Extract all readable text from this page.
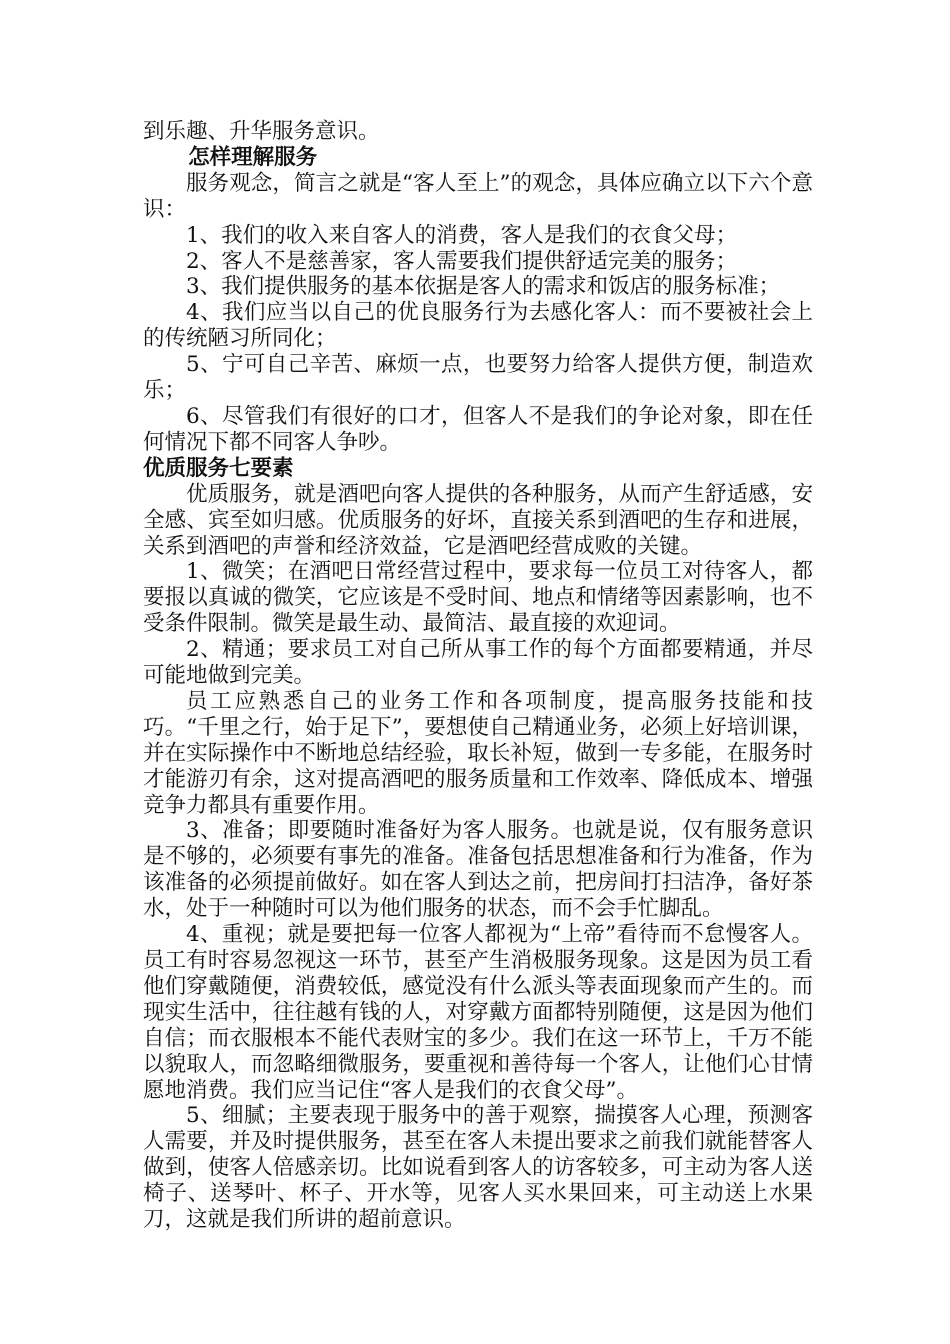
到乐趣、升华服务意识。

怎样理解服务

服务观念，简言之就是“客人至上”的观念，具体应确立以下六个意识：

1、我们的收入来自客人的消费，客人是我们的衣食父母；

2、客人不是慈善家，客人需要我们提供舒适完美的服务；

3、我们提供服务的基本依据是客人的需求和饭店的服务标准；

4、我们应当以自己的优良服务行为去感化客人：而不要被社会上的传统陋习所同化；

5、宁可自己辛苦、麻烦一点，也要努力给客人提供方便，制造欢乐；

6、尽管我们有很好的口才，但客人不是我们的争论对象，即在任何情况下都不同客人争吵。

优质服务七要素

优质服务，就是酒吧向客人提供的各种服务，从而产生舒适感，安全感、宾至如归感。优质服务的好坏，直接关系到酒吧的生存和进展，关系到酒吧的声誉和经济效益，它是酒吧经营成败的关键。

1、微笑；在酒吧日常经营过程中，要求每一位员工对待客人，都要报以真诚的微笑，它应该是不受时间、地点和情绪等因素影响，也不受条件限制。微笑是最生动、最简洁、最直接的欢迎词。

2、精通；要求员工对自己所从事工作的每个方面都要精通，并尽可能地做到完美。

员工应熟悉自己的业务工作和各项制度，提高服务技能和技巧。“千里之行，始于足下”，要想使自己精通业务，必须上好培训课，并在实际操作中不断地总结经验，取长补短，做到一专多能，在服务时才能游刃有余，这对提高酒吧的服务质量和工作效率、降低成本、增强竞争力都具有重要作用。

3、准备；即要随时准备好为客人服务。也就是说，仅有服务意识是不够的，必须要有事先的准备。准备包括思想准备和行为准备，作为该准备的必须提前做好。如在客人到达之前，把房间打扫洁净，备好茶水，处于一种随时可以为他们服务的状态，而不会手忙脚乱。

4、重视；就是要把每一位客人都视为“上帝”看待而不怠慢客人。员工有时容易忽视这一环节，甚至产生消极服务现象。这是因为员工看他们穿戴随便，消费较低，感觉没有什么派头等表面现象而产生的。而现实生活中，往往越有钱的人，对穿戴方面都特别随便，这是因为他们自信；而衣服根本不能代表财宝的多少。我们在这一环节上，千万不能以貌取人，而忽略细微服务，要重视和善待每一个客人，让他们心甘情愿地消费。我们应当记住“客人是我们的衣食父母”。

5、细腻；主要表现于服务中的善于观察，揣摸客人心理，预测客人需要，并及时提供服务，甚至在客人未提出要求之前我们就能替客人做到，使客人倍感亲切。比如说看到客人的访客较多，可主动为客人送椅子、送琴叶、杯子、开水等，见客人买水果回来，可主动送上水果刀，这就是我们所讲的超前意识。
